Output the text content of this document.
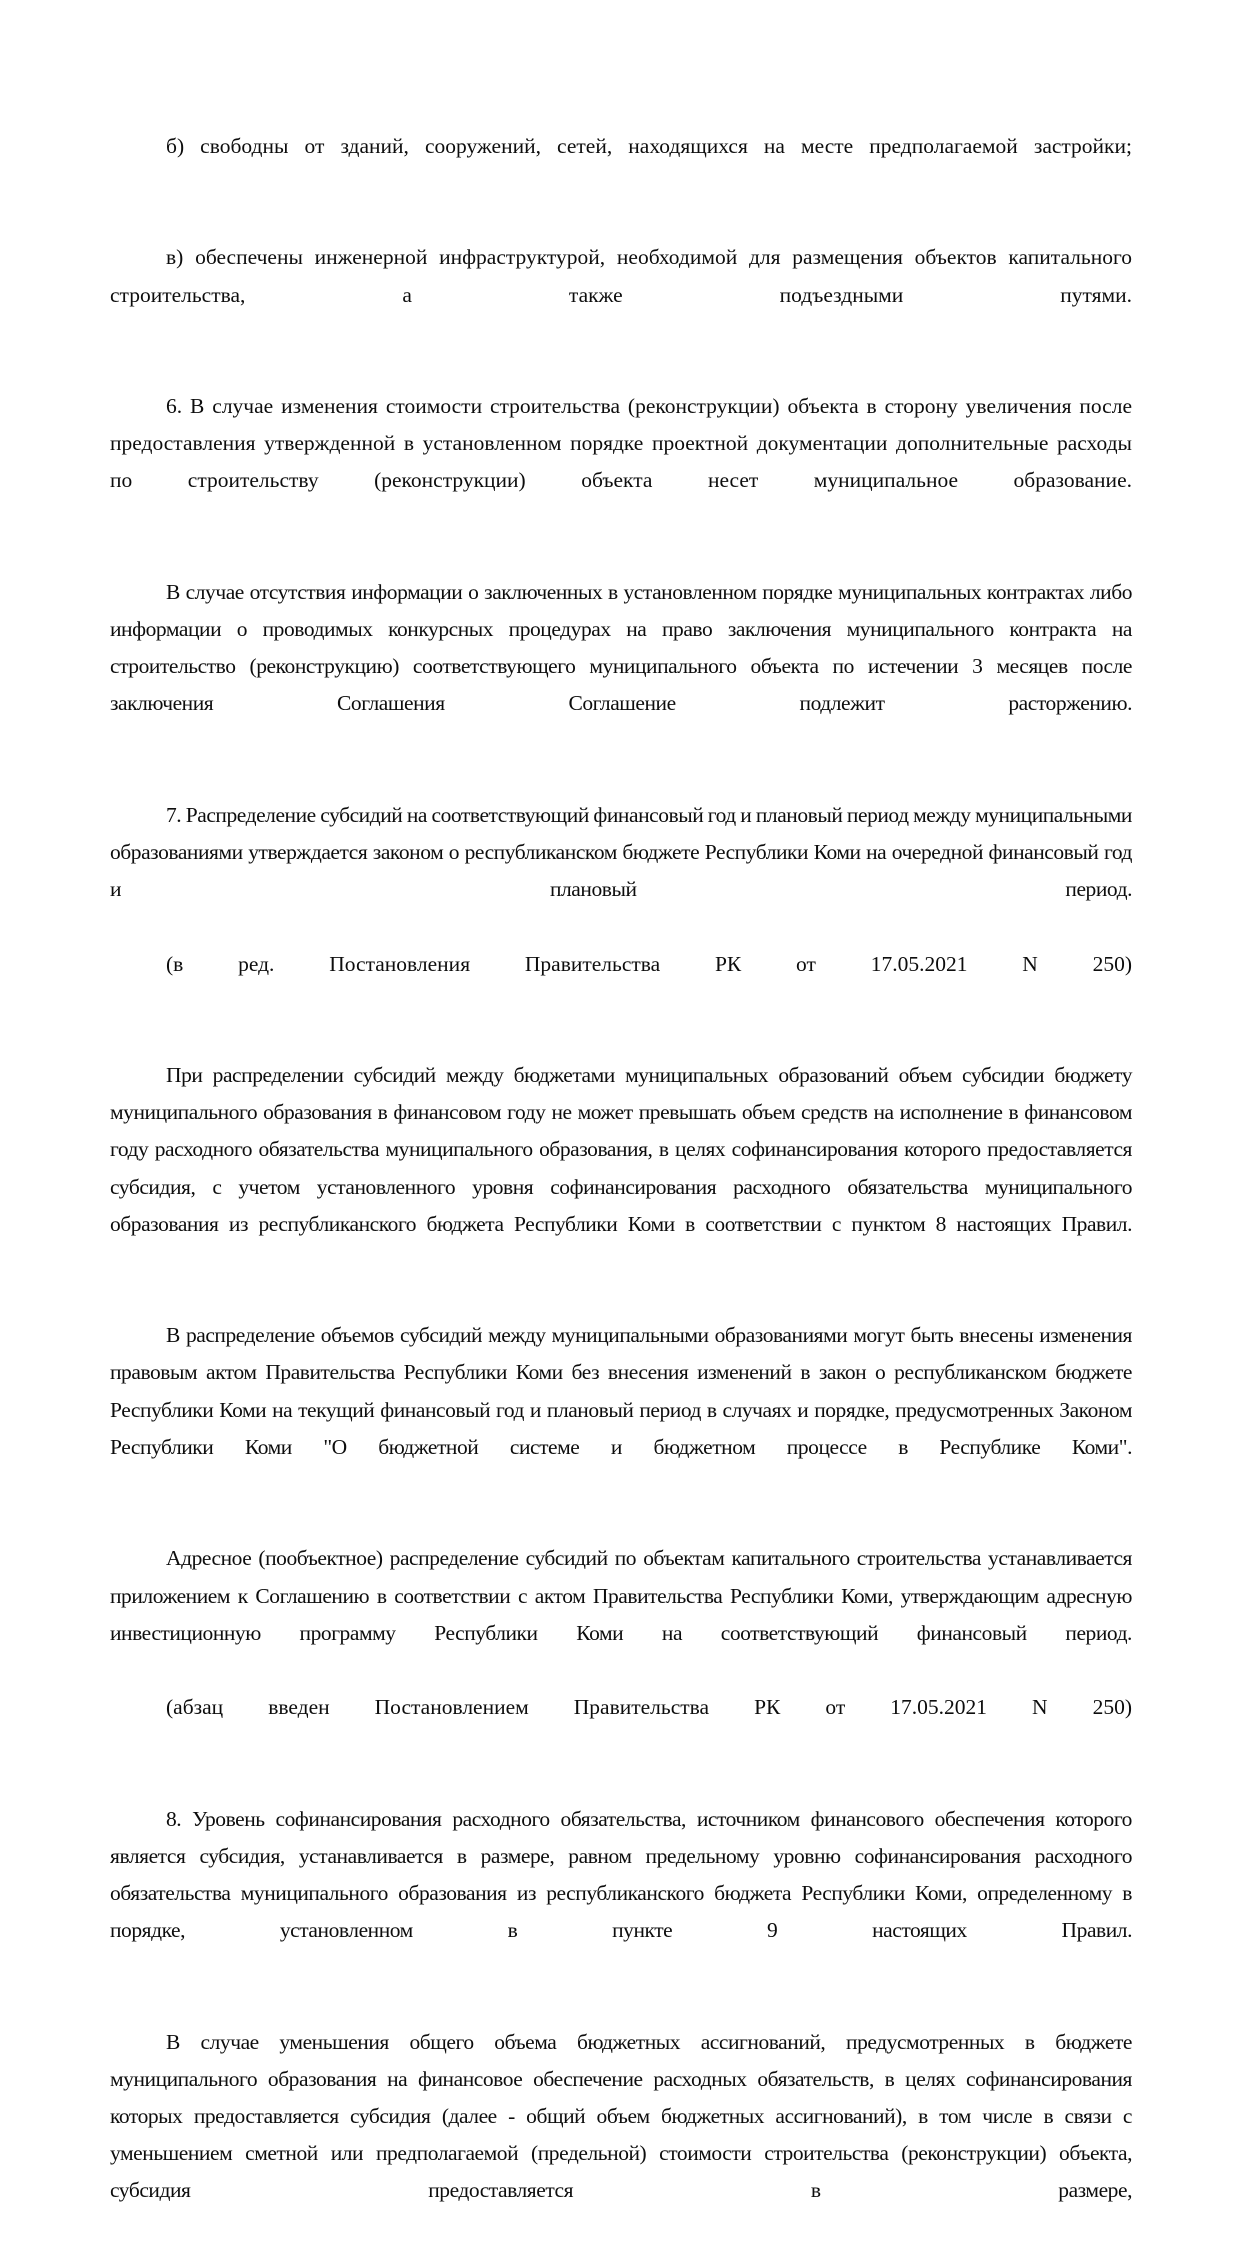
б) свободны от зданий, сооружений, сетей, находящихся на месте предполагаемой застройки;

в) обеспечены инженерной инфраструктурой, необходимой для размещения объектов капитального строительства, а также подъездными путями.

6. В случае изменения стоимости строительства (реконструкции) объекта в сторону увеличения после предоставления утвержденной в установленном порядке проектной документации дополнительные расходы по строительству (реконструкции) объекта несет муниципальное образование.

В случае отсутствия информации о заключенных в установленном порядке муниципальных контрактах либо информации о проводимых конкурсных процедурах на право заключения муниципального контракта на строительство (реконструкцию) соответствующего муниципального объекта по истечении 3 месяцев после заключения Соглашения Соглашение подлежит расторжению.

7. Распределение субсидий на соответствующий финансовый год и плановый период между муниципальными образованиями утверждается законом о республиканском бюджете Республики Коми на очередной финансовый год и плановый период.

(в ред. Постановления Правительства РК от 17.05.2021 N 250)

При распределении субсидий между бюджетами муниципальных образований объем субсидии бюджету муниципального образования в финансовом году не может превышать объем средств на исполнение в финансовом году расходного обязательства муниципального образования, в целях софинансирования которого предоставляется субсидия, с учетом установленного уровня софинансирования расходного обязательства муниципального образования из республиканского бюджета Республики Коми в соответствии с пунктом 8 настоящих Правил.

В распределение объемов субсидий между муниципальными образованиями могут быть внесены изменения правовым актом Правительства Республики Коми без внесения изменений в закон о республиканском бюджете Республики Коми на текущий финансовый год и плановый период в случаях и порядке, предусмотренных Законом Республики Коми "О бюджетной системе и бюджетном процессе в Республике Коми".

Адресное (пообъектное) распределение субсидий по объектам капитального строительства устанавливается приложением к Соглашению в соответствии с актом Правительства Республики Коми, утверждающим адресную инвестиционную программу Республики Коми на соответствующий финансовый период.

(абзац введен Постановлением Правительства РК от 17.05.2021 N 250)

8. Уровень софинансирования расходного обязательства, источником финансового обеспечения которого является субсидия, устанавливается в размере, равном предельному уровню софинансирования расходного обязательства муниципального образования из республиканского бюджета Республики Коми, определенному в порядке, установленном в пункте 9 настоящих Правил.

В случае уменьшения общего объема бюджетных ассигнований, предусмотренных в бюджете муниципального образования на финансовое обеспечение расходных обязательств, в целях софинансирования которых предоставляется субсидия (далее - общий объем бюджетных ассигнований), в том числе в связи с уменьшением сметной или предполагаемой (предельной) стоимости строительства (реконструкции) объекта, субсидия предоставляется в размере,
